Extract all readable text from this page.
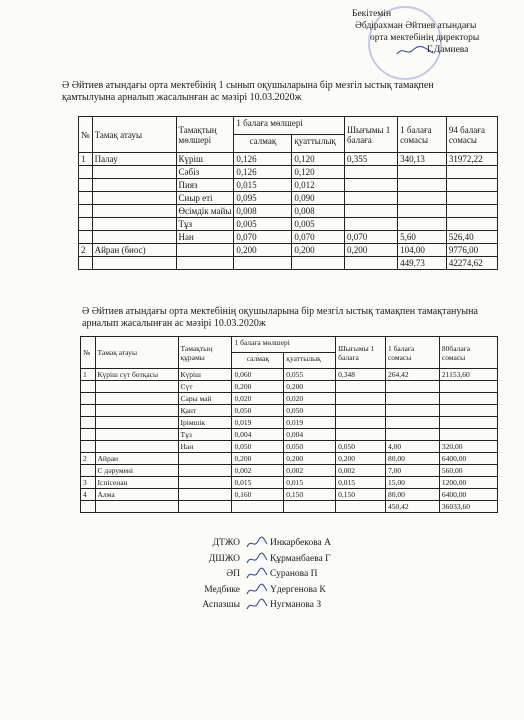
Бекітемін
Әбдірахман Әйтиев атындағы
орта мектебінің директоры
Г.Дамиева
Ә Әйтиев атындағы орта мектебінің 1 сынып оқушыларына бір мезгіл ыстық тамақпен
қамтылуына арналып жасалынған ас мәзірі 10.03.2020ж
№	Тамақ атауы	Тамақтың мөлшері	1 балаға мөлшері		Шығымы 1 балаға	1 балаға сомасы	94 балаға сомасы
			салмақ	қуаттылық			
1	Палау	Күріш	0,126	0,120	0,355	340,13	31972,22
		Сәбіз	0,126	0,120			
		Пияз	0,015	0,012			
		Сиыр еті	0,095	0,090			
		Өсімдік майы	0,008	0,008			
		Тұз	0,005	0,005			
		Нан	0,070	0,070	0,070	5,60	526,40
2	Айран (биос)		0,200	0,200	0,200	104,00	9776,00
						449,73	42274,62
Ә Әйтиев атындағы орта мектебінің оқушыларына бір мезгіл ыстық тамақпен тамақтануына
арналып жасалынған ас мәзірі 10.03.2020ж
№	Тамақ атауы	Тамақтың құрамы	1 балаға мөлшері		Шығымы 1 балаға	1 балаға сомасы	80балаға сомасы
			салмақ	қуаттылық			
1	Күріш сүт ботқасы	Күріш	0,060	0,055	0,348	264,42	21153,60
		Сүт	0,200	0,200			
		Сары май	0,020	0,020			
		Қант	0,050	0,050			
		Ірімшік	0,019	0,019			
		Тұз	0,004	0,004			
		Нан	0,050	0,050	0,050	4,00	320,00
2	Айран		0,200	0,200	0,200	80,00	6400,00
	С дәрумені		0,002	0,002	0,002	7,00	560,00
3	Іспісенан		0,015	0,015	0,015	15,00	1200,00
4	Алма		0,160	0,150	0,150	80,00	6400,00
						450,42	36033,60
ДТЖО	Инкарбекова А
ДШЖО	Құрманбаева Г
ӘП	Суранова П
Медбике	Үдергенова К
Аспазшы	Нугманова З
